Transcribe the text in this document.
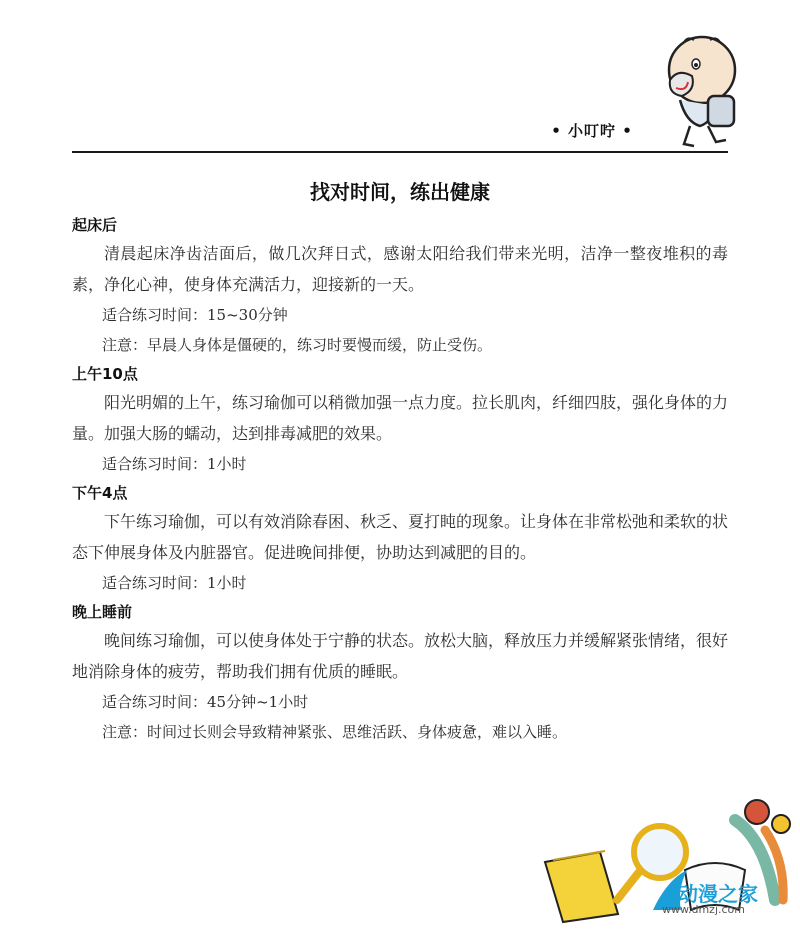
• 小叮咛 •
找对时间，练出健康
起床后
清晨起床净齿洁面后，做几次拜日式，感谢太阳给我们带来光明，洁净一整夜堆积的毒素，净化心神，使身体充满活力，迎接新的一天。
适合练习时间：15~30分钟
注意：早晨人身体是僵硬的，练习时要慢而缓，防止受伤。
上午10点
阳光明媚的上午，练习瑜伽可以稍微加强一点力度。拉长肌肉，纤细四肢，强化身体的力量。加强大肠的蠕动，达到排毒减肥的效果。
适合练习时间：1小时
下午4点
下午练习瑜伽，可以有效消除春困、秋乏、夏打盹的现象。让身体在非常松弛和柔软的状态下伸展身体及内脏器官。促进晚间排便，协助达到减肥的目的。
适合练习时间：1小时
晚上睡前
晚间练习瑜伽，可以使身体处于宁静的状态。放松大脑，释放压力并缓解紧张情绪，很好地消除身体的疲劳，帮助我们拥有优质的睡眠。
适合练习时间：45分钟~1小时
注意：时间过长则会导致精神紧张、思维活跃、身体疲惫，难以入睡。
动漫之家
www.dmzj.com
